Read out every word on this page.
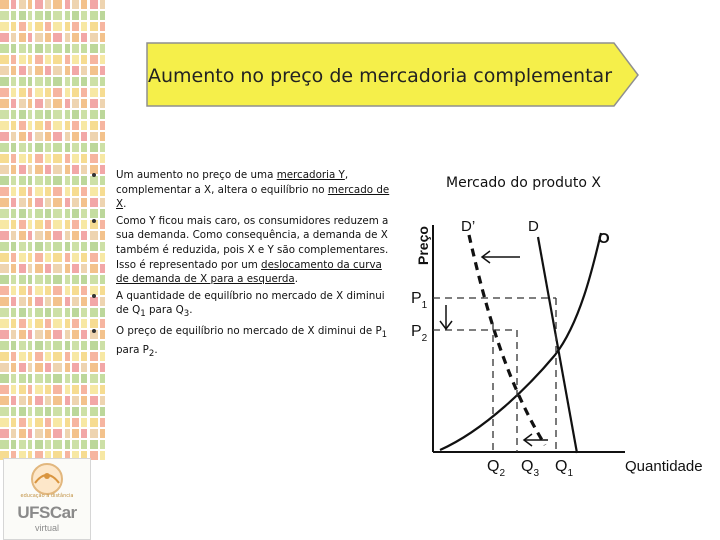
educação a distância
UFSCar
virtual
Aumento no preço de mercadoria complementar
Um aumento no preço de uma mercadoria Y, complementar a X, altera o equilíbrio no mercado de X.
Como Y ficou mais caro, os consumidores reduzem a sua demanda. Como consequência, a demanda de X também é reduzida, pois X e Y são complementares. Isso é representado por um deslocamento da curva de demanda de X para a esquerda.
A quantidade de equilíbrio no mercado de X diminui de $Q_1$ para $Q_3$.
O preço de equilíbrio no mercado de X diminui de $P_1$ para $P_2$.
Mercado do produto X
Preço
Quantidade
D’	D
O
$P_1$
$P_2$
$Q_2$ $Q_3$ $Q_1$
